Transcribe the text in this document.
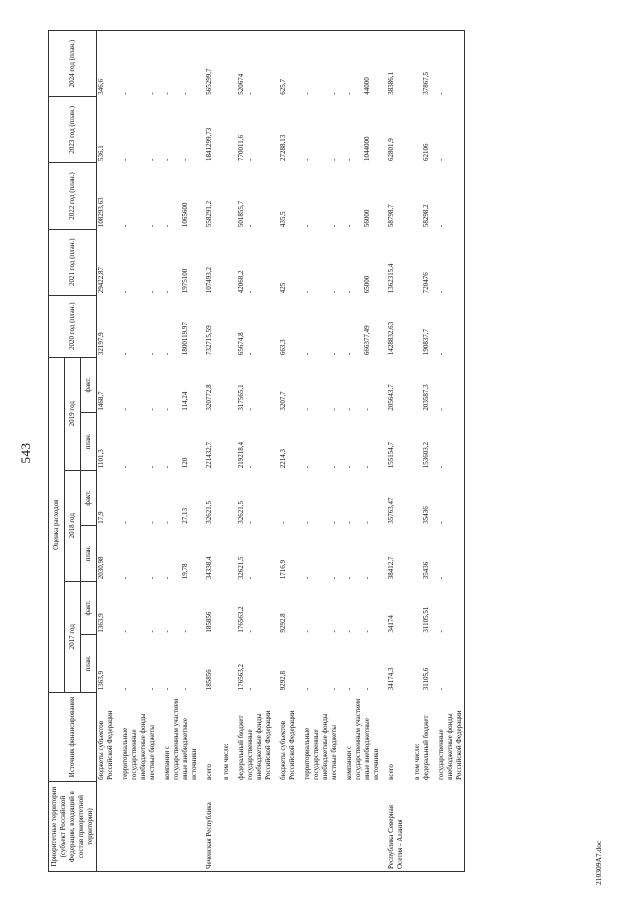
543
Приоритетные территории (субъект Российской Федерации, входящий в состав приоритетной территории)	Источник финансирования	Оценка расходов						2020 год (план.)	2021 год (план.)	2022 год (план.)	2023 год (план.)	2024 год (план.)
		2017 год		2018 год		2019 год						
		план.	факт.	план.	факт.	план.	факт.					
	бюджеты субъектов Российской Федерации	1363,9	1363,9	2030,98	17,9	1101,3	1468,7	32197,9	29422,87	108293,63	536,1	346,6
	территориальные государственные внебюджетные фонды	-	-	-	-	-	-	-	-	-	-	-
	местные бюджеты	-	-	-	-	-	-	-	-	-	-	-
	компании с государственным участием	-	-	-	-	-	-	-	-	-	-	-
	иные внебюджетные источники	-	-	19,78	27,13	120	114,24	1800119,97	1975100	1065600	-	-
Чеченская Республика	всего	185856	185856	34338,4	32621,5	221432,7	320772,8	732715,59	107493,2	558291,2	1841299,73	565299,7
	в том числе:											
	федеральный бюджет	176563,2	176563,2	32621,5	32621,5	219218,4	317565,1	65674,8	42068,2	501855,7	770011,6	520674
	государственные внебюджетные фонды Российской Федерации	-	-	-	-	-	-	-	-	-	-	-
	бюджеты субъектов Российской Федерации	9292,8	9292,8	1716,9	-	2214,3	3207,7	663,3	425	435,5	27288,13	625,7
	территориальные государственные внебюджетные фонды	-	-	-	-	-	-	-	-	-	-	-
	местные бюджеты	-	-	-	-	-	-	-	-	-	-	-
	компании с государственным участием	-	-	-	-	-	-	-	-	-	-	-
	иные внебюджетные источники	-	-	-	-	-	-	666377,49	65000	56000	1044000	44000
Республика Северная Осетия - Алания	всего	34174,3	34174	38412,7	35763,47	155154,7	205643,7	1428832,63	1362315,4	58798,7	62801,9	38386,1
	в том числе:											
	федеральный бюджет	31105,6	31105,51	35436	35436	153603,2	203587,3	190837,7	720476	58298,2	62106	37867,5
	государственные внебюджетные фонды Российской Федерации	-	-	-	-	-	-	-	-	-	-	-
210309А7.doc
